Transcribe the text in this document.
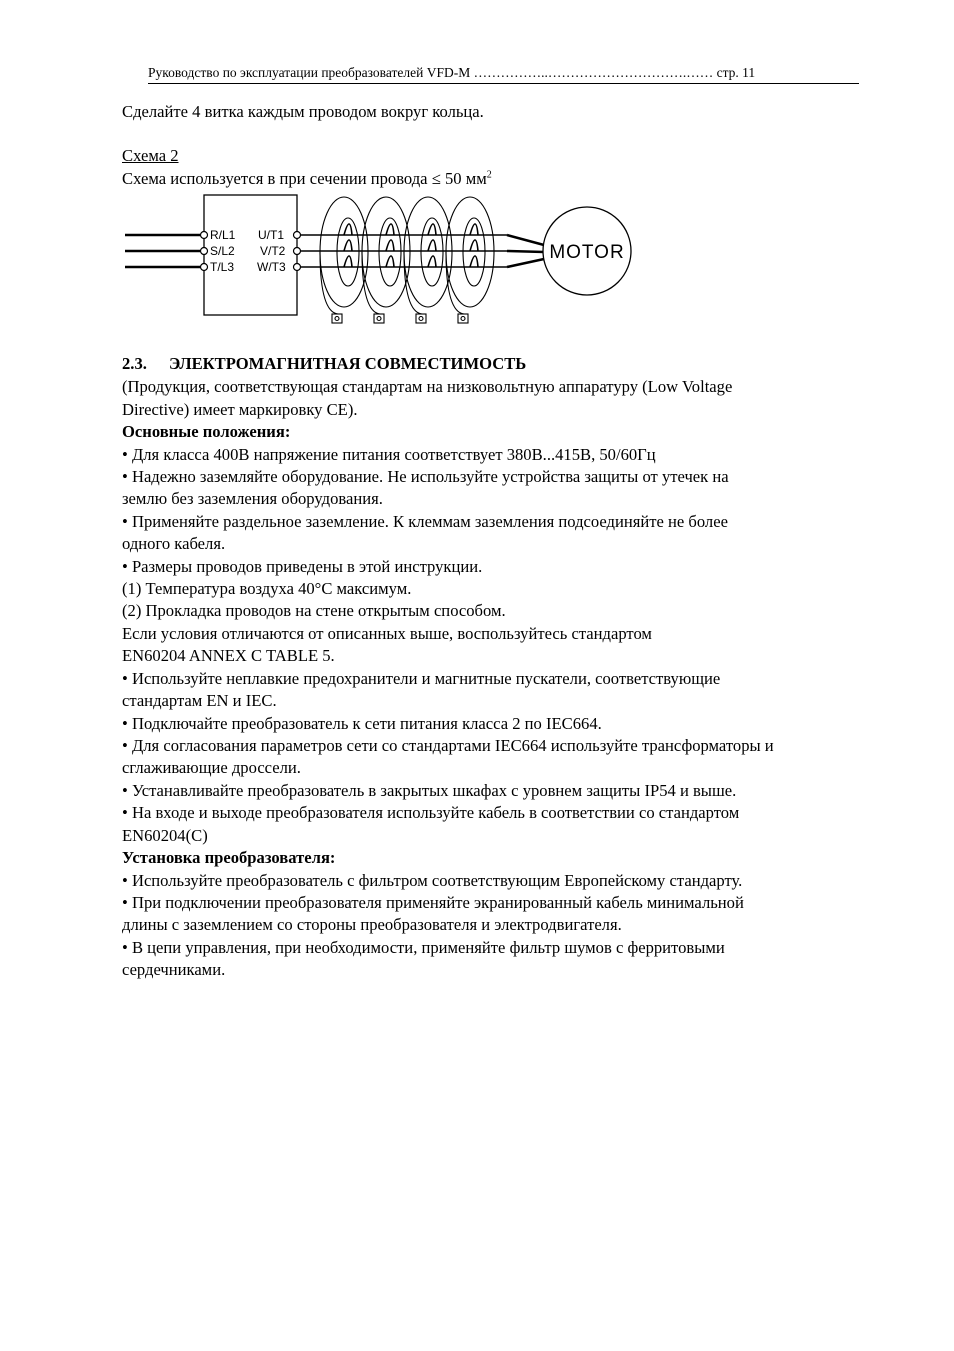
Руководство по эксплуатации преобразователей VFD-M ……………..………………………….…… стр. 11
Сделайте 4 витка каждым проводом вокруг кольца.
Схема 2
Схема используется в при сечении провода ≤ 50 $мм^2$
R/L1
S/L2
T/L3
U/T1
V/T2
W/T3
MOTOR
2.3. ЭЛЕКТРОМАГНИТНАЯ СОВМЕСТИМОСТЬ
(Продукция, соответствующая стандартам на низковольтную аппаратуру (Low Voltage
Directive) имеет маркировку CE).
Основные положения:
• Для класса 400В напряжение питания соответствует 380В...415В, 50/60Гц
• Надежно заземляйте оборудование. Не используйте устройства защиты от утечек на
землю без заземления оборудования.
• Применяйте раздельное заземление. К клеммам заземления подсоединяйте не более
одного кабеля.
• Размеры проводов приведены в этой инструкции.
(1) Температура воздуха 40°C максимум.
(2) Прокладка проводов на стене открытым способом.
Если условия отличаются от описанных выше, воспользуйтесь стандартом
EN60204 ANNEX C TABLE 5.
• Используйте неплавкие предохранители и магнитные пускатели, соответствующие
стандартам EN и IEC.
• Подключайте преобразователь к сети питания класса 2 по IEC664.
• Для согласования параметров сети со стандартами IEC664 используйте трансформаторы и
сглаживающие дроссели.
• Устанавливайте преобразователь в закрытых шкафах с уровнем защиты IP54 и выше.
• На входе и выходе преобразователя используйте кабель в соответствии со стандартом
EN60204(C)
Установка преобразователя:
• Используйте преобразователь с фильтром соответствующим Европейскому стандарту.
• При подключении преобразователя применяйте экранированный кабель минимальной
длины с заземлением со стороны преобразователя и электродвигателя.
• В цепи управления, при необходимости, применяйте фильтр шумов с ферритовыми
сердечниками.
